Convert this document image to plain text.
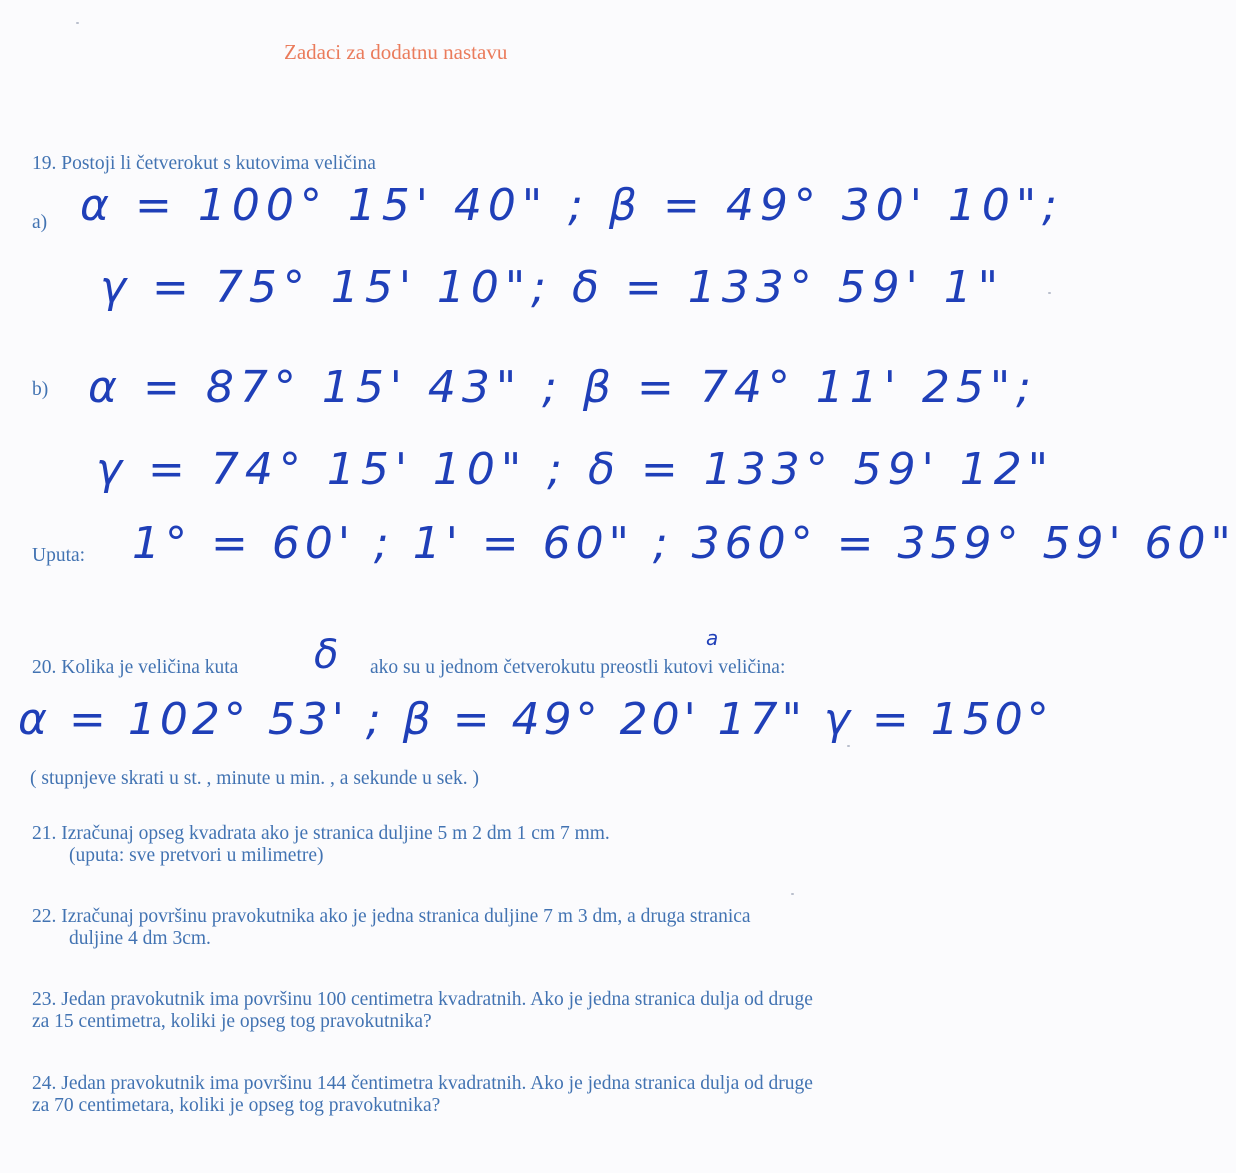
Zadaci za dodatnu nastavu
19. Postoji li četverokut s kutovima veličina
a) α = 100° 15' 40" ; β = 49° 30' 10";
γ = 75° 15' 10"; δ = 133° 59' 1"
b) α = 87° 15' 43" ; β = 74° 11' 25";
γ = 74° 15' 10" ; δ = 133° 59' 12"
Uputa: 1° = 60' ; 1' = 60" ; 360° = 359° 59' 60"
20. Kolika je veličina kuta δ ako su u jednom četverokutu preostli kutovi veličina:
a
α = 102° 53' ; β = 49° 20' 17" γ = 150°
( stupnjeve skrati u st. , minute u min. , a sekunde u sek. )
21. Izračunaj opseg kvadrata ako je stranica duljine 5 m 2 dm 1 cm 7 mm.
(uputa: sve pretvori u milimetre)
22. Izračunaj površinu pravokutnika ako je jedna stranica duljine 7 m 3 dm, a druga stranica
duljine 4 dm 3cm.
23. Jedan pravokutnik ima površinu 100 centimetra kvadratnih. Ako je jedna stranica dulja od druge
za 15 centimetra, koliki je opseg tog pravokutnika?
24. Jedan pravokutnik ima površinu 144 čentimetra kvadratnih. Ako je jedna stranica dulja od druge
za 70 centimetara, koliki je opseg tog pravokutnika?
